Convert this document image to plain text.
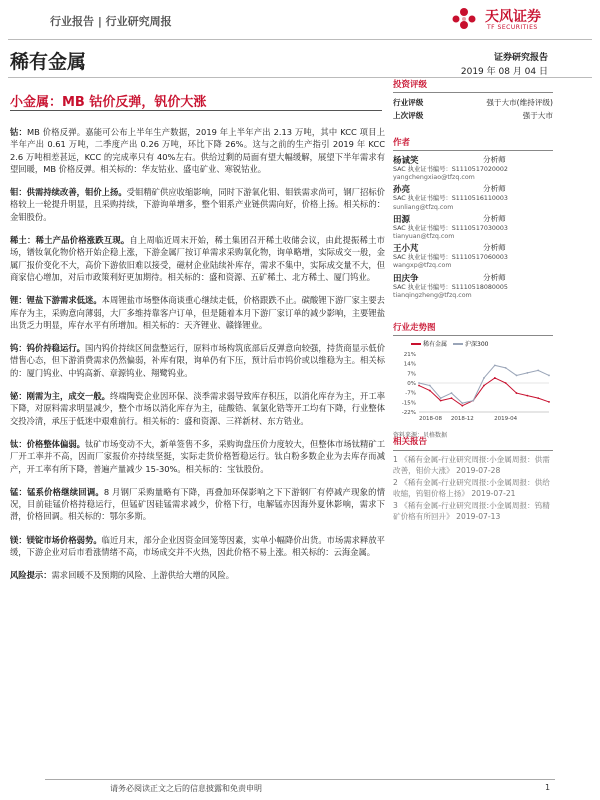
行业报告 | 行业研究周报	天风证券
TF SECURITIES
稀有金属	证券研究报告
2019 年 08 月 04 日
小金属：MB 钴价反弹，钒价大涨
钴：MB 价格反弹。嘉能可公布上半年生产数据，2019 年上半年产出 2.13 万吨，其中 KCC 项目上半年产出 0.61 万吨，二季度产出 0.26 万吨，环比下降 26%。这与之前的生产指引 2019 年 KCC 2.6 万吨相差甚远，KCC 的完成率只有 40%左右。供给过剩的局面有望大幅缓解，展望下半年需求有望回暖，MB 价格反弹。相关标的：华友钴业、盛屯矿业、寒锐钴业。
钼：供需持续改善，钼价上扬。受钼精矿供应收缩影响，同时下游氧化钼、钼铁需求尚可，钢厂招标价格较上一轮提升明显，且采购持续，下游询单增多，整个钼系产业链供需向好，价格上扬。相关标的：金钼股份。
稀土：稀土产品价格涨跌互现。自上周临近周末开始，稀土集团召开稀土收储会议，由此提振稀土市场，镨钕氧化物价格开始企稳上涨，下游金属厂按订单需求采购氧化物，询单略增，实际成交一般，金属厂报价变化不大，高价下游依旧难以接受，磁材企业陆续补库存，需求不集中，实际成交量不大，但商家信心增加，对后市政策利好更加期待。相关标的：盛和资源、五矿稀土、北方稀土、厦门钨业。
锂：锂盐下游需求低迷。本周锂盐市场整体商谈重心继续走低，价格跟跌不止。碳酸锂下游厂家主要去库存为主，采购意向薄弱，大厂多维持靠客户订单，但是随着本月下游厂家订单的减少影响，主要锂盐出货乏力明显，库存水平有所增加。相关标的：天齐锂业、赣锋锂业。
钨：钨价持稳运行。国内钨价持续区间盘整运行，原料市场构筑底部后反弹意向较强，持货商显示低价惜售心态，但下游消费需求仍然偏弱，补库有限，询单仍有下压，预计后市钨价或以维稳为主。相关标的：厦门钨业、中钨高新、章源钨业、翔鹭钨业。
铋：刚需为主，成交一般。终端陶瓷企业因环保、淡季需求弱导致库存积压，以消化库存为主，开工率下降，对原料需求明显减少，整个市场以消化库存为主，硅酸锆、氧氯化锆等开工均有下降，行业整体交投冷清，承压于低迷中艰难前行。相关标的：盛和资源、三祥新材、东方锆业。
钛：价格整体偏弱。钛矿市场变动不大，新单签售不多，采购询盘压价力度较大，但整体市场钛精矿工厂开工率并不高，因而厂家报价亦持续坚挺，实际走货价格暂稳运行。钛白粉多数企业为去库存而减产，开工率有所下降，普遍产量减少 15-30%。相关标的：宝钛股份。
锰：锰系价格继续回调。8 月钢厂采购量略有下降，再叠加环保影响之下下游钢厂有停减产现象的情况，目前硅锰价格持稳运行，但锰矿因硅锰需求减少，价格下行，电解锰亦因海外夏休影响，需求下滑，价格回调。相关标的：鄂尔多斯。
镁：镁锭市场价格弱势。临近月末，部分企业因资金回笼等因素，实单小幅降价出货。市场需求释放平缓，下游企业对后市看涨情绪不高，市场成交并不火热，因此价格不易上涨。相关标的：云海金属。
风险提示：需求回暖不及预期的风险、上游供给大增的风险。
投资评级
行业评级	强于大市(维持评级)
上次评级	强于大市
作者
杨诚笑	分析师
SAC 执业证书编号：S1110517020002
yangchengxiao@tfzq.com
孙亮	分析师
SAC 执业证书编号：S1110516110003
sunliang@tfzq.com
田源	分析师
SAC 执业证书编号：S1110517030003
tianyuan@tfzq.com
王小芃	分析师
SAC 执业证书编号：S1110517060003
wangxp@tfzq.com
田庆争	分析师
SAC 执业证书编号：S1110518080005
tianqingzheng@tfzq.com
行业走势图
稀有金属	沪深300
21%
14%
7%
0%
-7%
-15%
-22%
2018-08 2018-12	2019-04
资料来源：贝格数据
相关报告
1 《稀有金属-行业研究周报:小金属周报：供需改善，钼价大涨》 2019-07-28
2 《稀有金属-行业研究周报:小金属周报：供给收缩，钨钼价格上扬》 2019-07-21
3 《稀有金属-行业研究周报:小金属周报：钨精矿价格有所回升》 2019-07-13
请务必阅读正文之后的信息披露和免责申明	1
